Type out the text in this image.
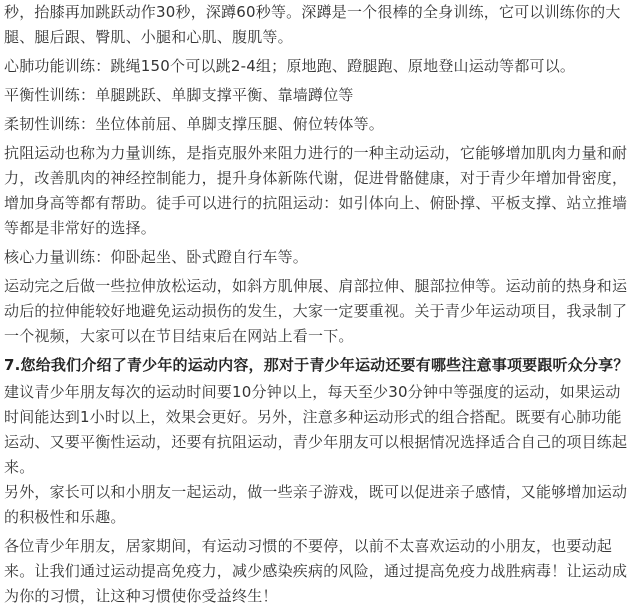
秒，抬膝再加跳跃动作30秒，深蹲60秒等。深蹲是一个很棒的全身训练，它可以训练你的大腿、腿后跟、臀肌、小腿和心肌、腹肌等。

心肺功能训练：跳绳150个可以跳2-4组；原地跑、蹬腿跑、原地登山运动等都可以。

平衡性训练：单腿跳跃、单脚支撑平衡、靠墙蹲位等

柔韧性训练：坐位体前屈、单脚支撑压腿、俯位转体等。

抗阻运动也称为力量训练，是指克服外来阻力进行的一种主动运动，它能够增加肌肉力量和耐力，改善肌肉的神经控制能力，提升身体新陈代谢，促进骨骼健康，对于青少年增加骨密度，增加身高等都有帮助。徒手可以进行的抗阻运动：如引体向上、俯卧撑、平板支撑、站立推墙等都是非常好的选择。

核心力量训练：仰卧起坐、卧式蹬自行车等。

运动完之后做一些拉伸放松运动，如斜方肌伸展、肩部拉伸、腿部拉伸等。运动前的热身和运动后的拉伸能较好地避免运动损伤的发生，大家一定要重视。关于青少年运动项目，我录制了一个视频，大家可以在节目结束后在网站上看一下。

7.您给我们介绍了青少年的运动内容，那对于青少年运动还要有哪些注意事项要跟听众分享？

建议青少年朋友每次的运动时间要10分钟以上，每天至少30分钟中等强度的运动，如果运动时间能达到1小时以上，效果会更好。另外，注意多种运动形式的组合搭配。既要有心肺功能运动、又要平衡性运动，还要有抗阻运动，青少年朋友可以根据情况选择适合自己的项目练起来。

另外，家长可以和小朋友一起运动，做一些亲子游戏，既可以促进亲子感情，又能够增加运动的积极性和乐趣。

各位青少年朋友，居家期间，有运动习惯的不要停，以前不太喜欢运动的小朋友，也要动起来。让我们通过运动提高免疫力，减少感染疾病的风险，通过提高免疫力战胜病毒！让运动成为你的习惯，让这种习惯使你受益终生！
